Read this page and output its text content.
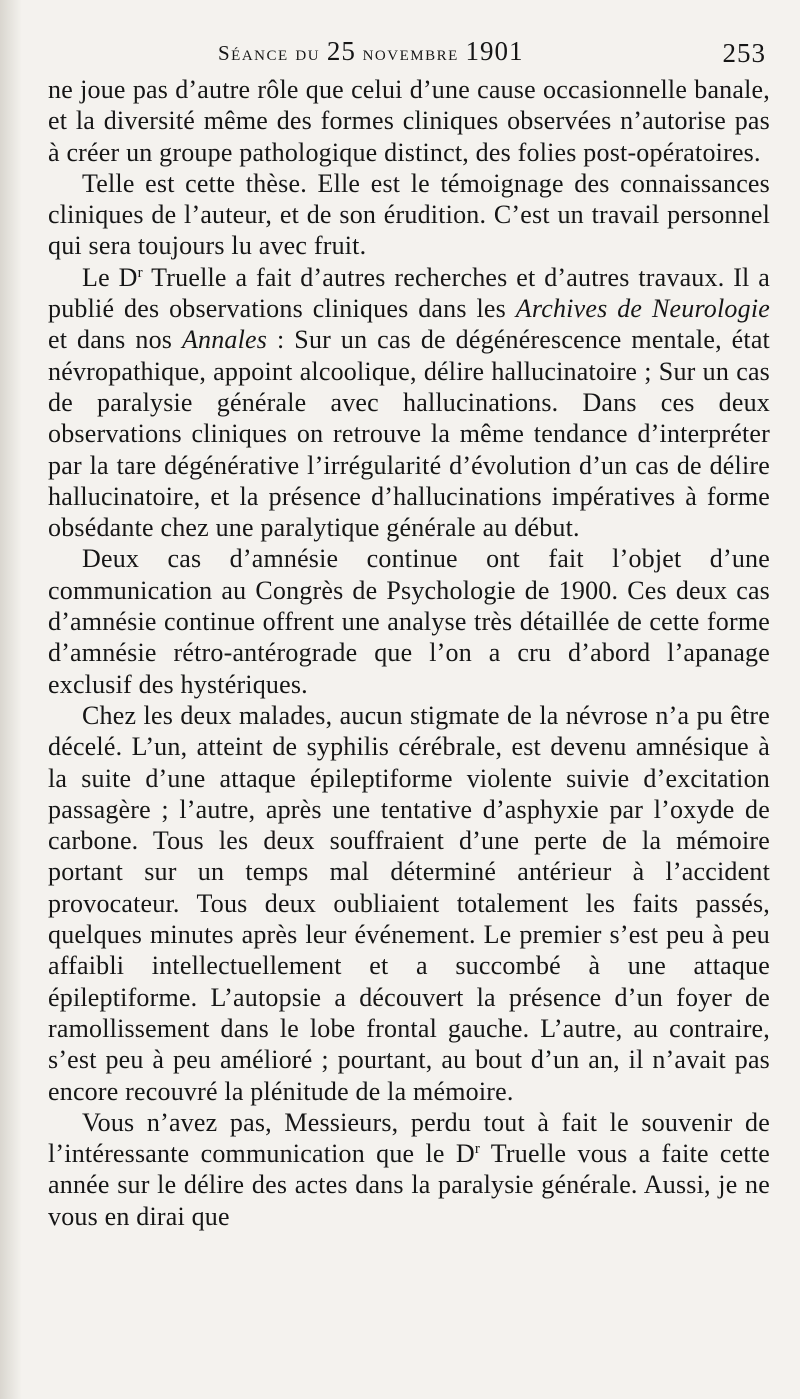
Séance du 25 novembre 1901	253

ne joue pas d’autre rôle que celui d’une cause occasionnelle banale, et la diversité même des formes cliniques observées n’autorise pas à créer un groupe pathologique distinct, des folies post-opératoires.

Telle est cette thèse. Elle est le témoignage des connaissances cliniques de l’auteur, et de son érudition. C’est un travail personnel qui sera toujours lu avec fruit.

Le $D^r$ Truelle a fait d’autres recherches et d’autres travaux. Il a publié des observations cliniques dans les Archives de Neurologie et dans nos Annales : Sur un cas de dégénérescence mentale, état névropathique, appoint alcoolique, délire hallucinatoire ; Sur un cas de paralysie générale avec hallucinations. Dans ces deux observations cliniques on retrouve la même tendance d’interpréter par la tare dégénérative l’irrégularité d’évolution d’un cas de délire hallucinatoire, et la présence d’hallucinations impératives à forme obsédante chez une paralytique générale au début.

Deux cas d’amnésie continue ont fait l’objet d’une communication au Congrès de Psychologie de 1900. Ces deux cas d’amnésie continue offrent une analyse très détaillée de cette forme d’amnésie rétro-antérograde que l’on a cru d’abord l’apanage exclusif des hystériques.

Chez les deux malades, aucun stigmate de la névrose n’a pu être décelé. L’un, atteint de syphilis cérébrale, est devenu amnésique à la suite d’une attaque épileptiforme violente suivie d’excitation passagère ; l’autre, après une tentative d’asphyxie par l’oxyde de carbone. Tous les deux souffraient d’une perte de la mémoire portant sur un temps mal déterminé antérieur à l’accident provocateur. Tous deux oubliaient totalement les faits passés, quelques minutes après leur événement. Le premier s’est peu à peu affaibli intellectuellement et a succombé à une attaque épileptiforme. L’autopsie a découvert la présence d’un foyer de ramollissement dans le lobe frontal gauche. L’autre, au contraire, s’est peu à peu amélioré ; pourtant, au bout d’un an, il n’avait pas encore recouvré la plénitude de la mémoire.

Vous n’avez pas, Messieurs, perdu tout à fait le souvenir de l’intéressante communication que le $D^r$ Truelle vous a faite cette année sur le délire des actes dans la paralysie générale. Aussi, je ne vous en dirai que
